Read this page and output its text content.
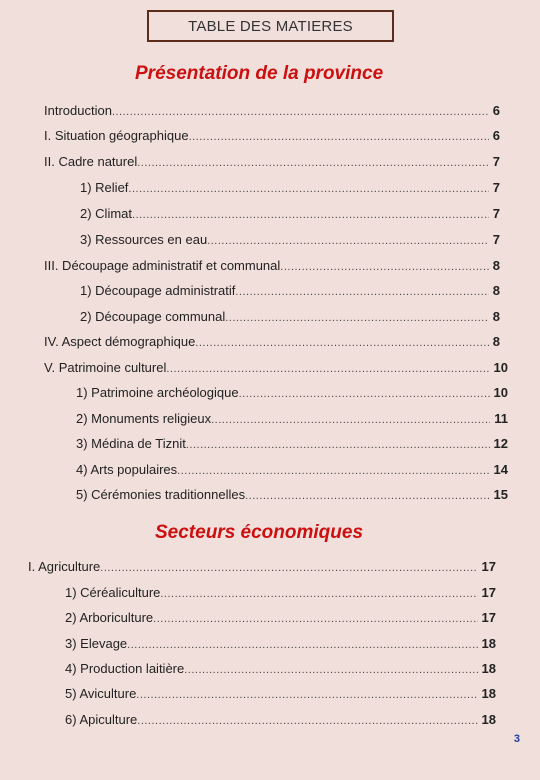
TABLE DES MATIERES
Présentation de la province
Introduction .....	6
I. Situation géographique .....	6
II. Cadre naturel .....	7
1) Relief .....	7
2) Climat .....	7
3) Ressources en eau .....	7
III. Découpage administratif et communal .....	8
1) Découpage administratif .....	8
2) Découpage communal .....	8
IV. Aspect démographique .....	8
V. Patrimoine culturel .....	10
1) Patrimoine archéologique .....	10
2) Monuments religieux .....	11
3) Médina de Tiznit .....	12
4) Arts populaires .....	14
5) Cérémonies traditionnelles .....	15
Secteurs économiques
I. Agriculture .....	17
1) Céréaliculture .....	17
2) Arboriculture .....	17
3) Elevage .....	18
4) Production laitière .....	18
5) Aviculture .....	18
6) Apiculture .....	18
3
